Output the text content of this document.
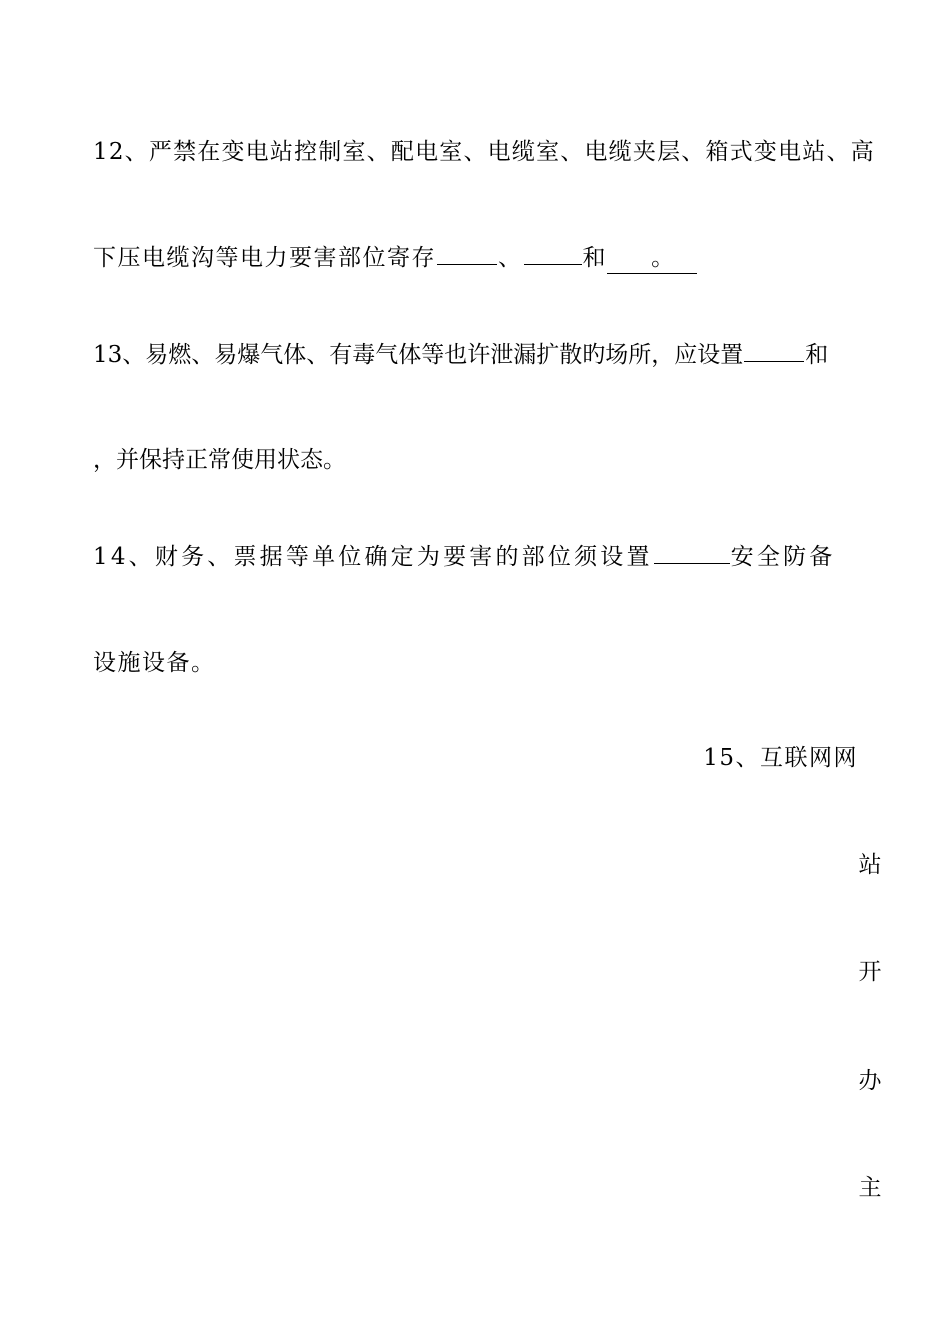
12、严禁在变电站控制室、配电室、电缆室、电缆夹层、箱式变电站、高
下压电缆沟等电力要害部位寄存	、	和 。
13、易燃、易爆气体、有毒气体等也许泄漏扩散旳场所，应设置	和
，并保持正常使用状态。
14、财务、票据等单位确定为要害的部位须设置	安全防备
设施设备。
15、互联网网
站
开
办
主
